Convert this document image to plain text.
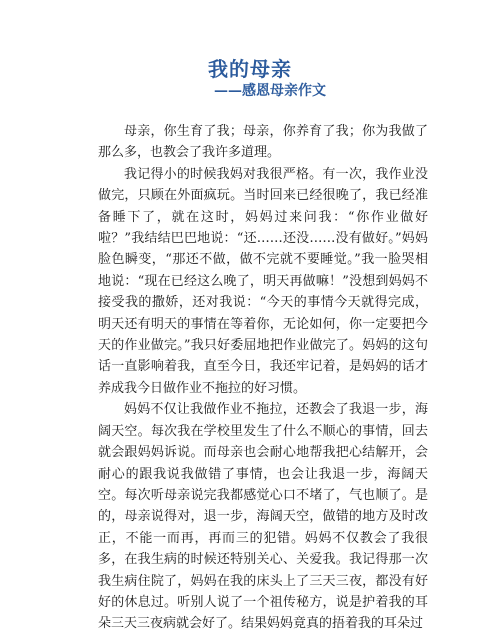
我的母亲
——感恩母亲作文

母亲，你生育了我；母亲，你养育了我；你为我做了那么多，也教会了我许多道理。

我记得小的时候我妈对我很严格。有一次，我作业没做完，只顾在外面疯玩。当时回来已经很晚了，我已经准备睡下了，就在这时，妈妈过来问我：“你作业做好啦？”我结结巴巴地说：“还……还没……没有做好。”妈妈脸色瞬变，“那还不做，做不完就不要睡觉。”我一脸哭相地说：“现在已经这么晚了，明天再做嘛！”没想到妈妈不接受我的撒娇，还对我说：“今天的事情今天就得完成，明天还有明天的事情在等着你，无论如何，你一定要把今天的作业做完。”我只好委屈地把作业做完了。妈妈的这句话一直影响着我，直至今日，我还牢记着，是妈妈的话才养成我今日做作业不拖拉的好习惯。

妈妈不仅让我做作业不拖拉，还教会了我退一步，海阔天空。每次我在学校里发生了什么不顺心的事情，回去就会跟妈妈诉说。而母亲也会耐心地帮我把心结解开，会耐心的跟我说我做错了事情，也会让我退一步，海阔天空。每次听母亲说完我都感觉心口不堵了，气也顺了。是的，母亲说得对，退一步，海阔天空，做错的地方及时改正，不能一而再，再而三的犯错。妈妈不仅教会了我很多，在我生病的时候还特别关心、关爱我。我记得那一次我生病住院了，妈妈在我的床头上了三天三夜，都没有好好的休息过。听别人说了一个祖传秘方，说是护着我的耳朵三天三夜病就会好了。结果妈妈竟真的捂着我的耳朵过
